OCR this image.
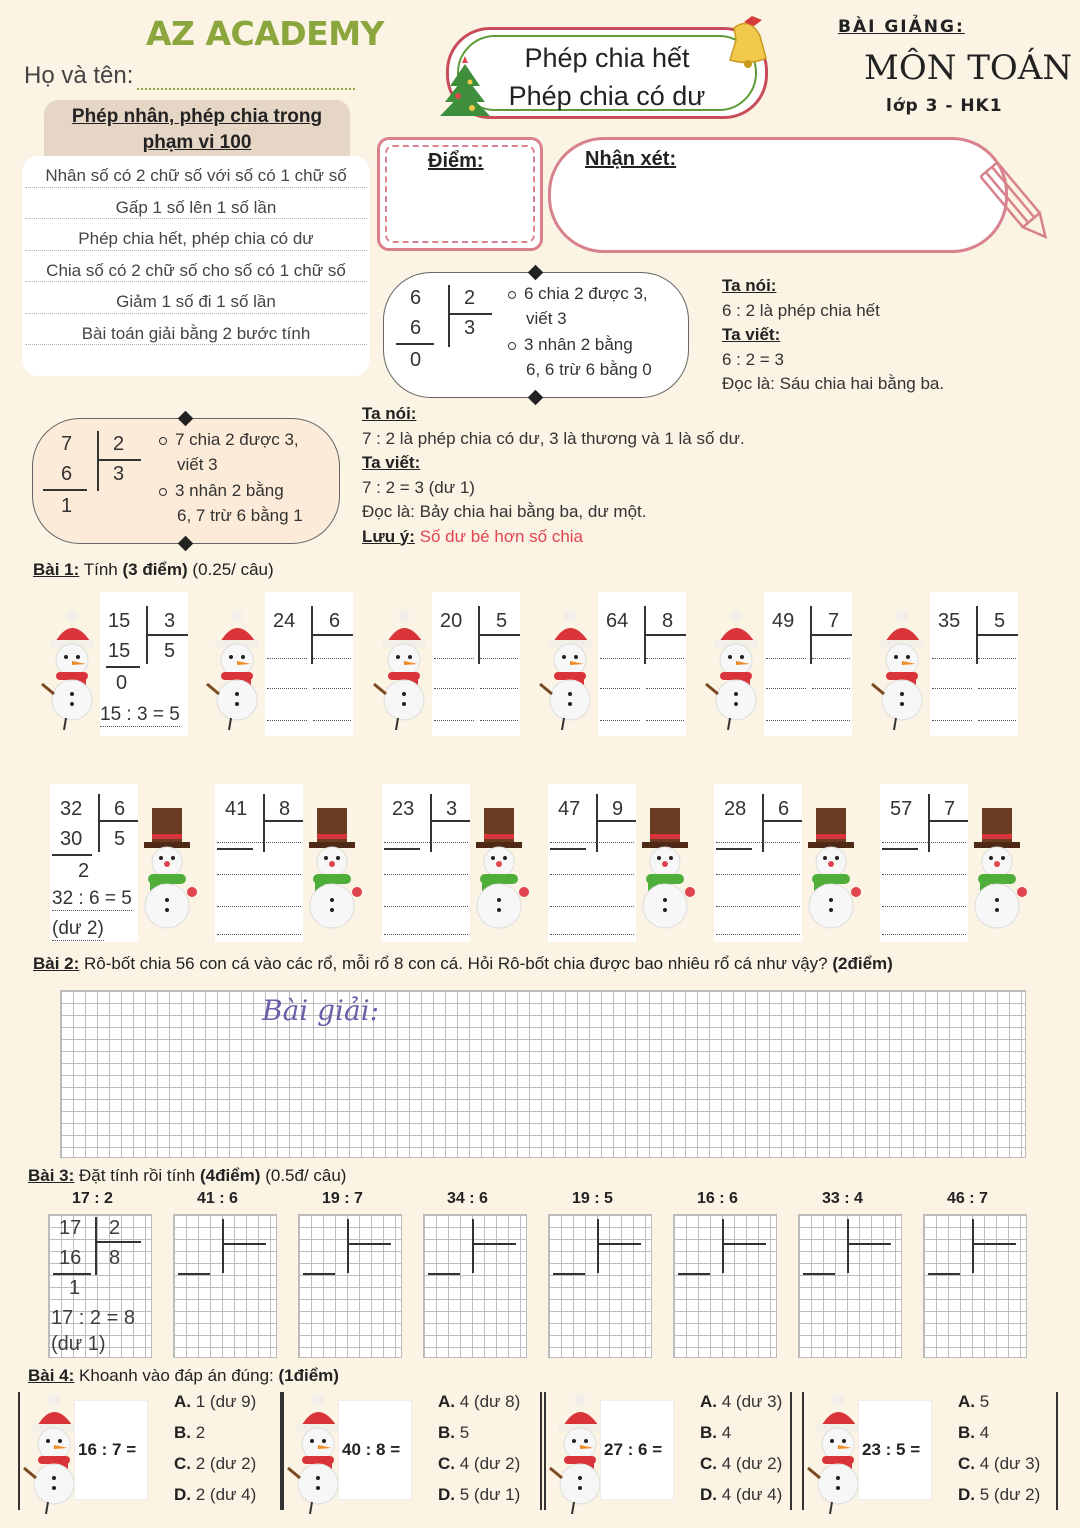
AZ ACADEMY
Họ và tên:
Phép chia hết
Phép chia có dư
BÀI GIẢNG:
MÔN TOÁN
lớp 3 - HK1
Phép nhân, phép chia trong phạm vi 100
Nhân số có 2 chữ số với số có 1 chữ số
Gấp 1 số lên 1 số lần
Phép chia hết, phép chia có dư
Chia số có 2 chữ số cho số có 1 chữ số
Giảm 1 số đi 1 số lần
Bài toán giải bằng 2 bước tính
Điểm:	Nhận xét:
6 2
6 3
0
6 chia 2 được 3,
viết 3
3 nhân 2 bằng
6, 6 trừ 6 bằng 0
Ta nói:
6 : 2 là phép chia hết
Ta viết:
6 : 2 = 3
Đọc là: Sáu chia hai bằng ba.
7 2
6 3
1
7 chia 2 được 3,
viết 3
3 nhân 2 bằng
6, 7 trừ 6 bằng 1
Ta nói:
7 : 2 là phép chia có dư, 3 là thương và 1 là số dư.
Ta viết:
7 : 2 = 3 (dư 1)
Đọc là: Bảy chia hai bằng ba, dư một.
Lưu ý: Số dư bé hơn số chia
Bài 1: Tính (3 điểm) (0.25/ câu)
15 3
15 5
0
15 : 3 = 5
24 6	20 5	64 8	49 7	35 5
32 6
30 5
2
32 : 6 = 5
(dư 2)
41 8	23 3	47 9	28 6	57 7
Bài 2: Rô-bốt chia 56 con cá vào các rổ, mỗi rổ 8 con cá. Hỏi Rô-bốt chia được bao nhiêu rổ cá như vậy? (2điểm)
Bài giải:
Bài 3: Đặt tính rồi tính (4điểm) (0.5đ/ câu)
17 : 2
17 2
16 8
1
17 : 2 = 8
(dư 1)
41 : 6	19 : 7	34 : 6	19 : 5	16 : 6	33 : 4	46 : 7
Bài 4: Khoanh vào đáp án đúng: (1điểm)
16 : 7 =
A. 1 (dư 9)
B. 2
C. 2 (dư 2)
D. 2 (dư 4)
40 : 8 =
A. 4 (dư 8)
B. 5
C. 4 (dư 2)
D. 5 (dư 1)
27 : 6 =
A. 4 (dư 3)
B. 4
C. 4 (dư 2)
D. 4 (dư 4)
23 : 5 =
A. 5
B. 4
C. 4 (dư 3)
D. 5 (dư 2)
